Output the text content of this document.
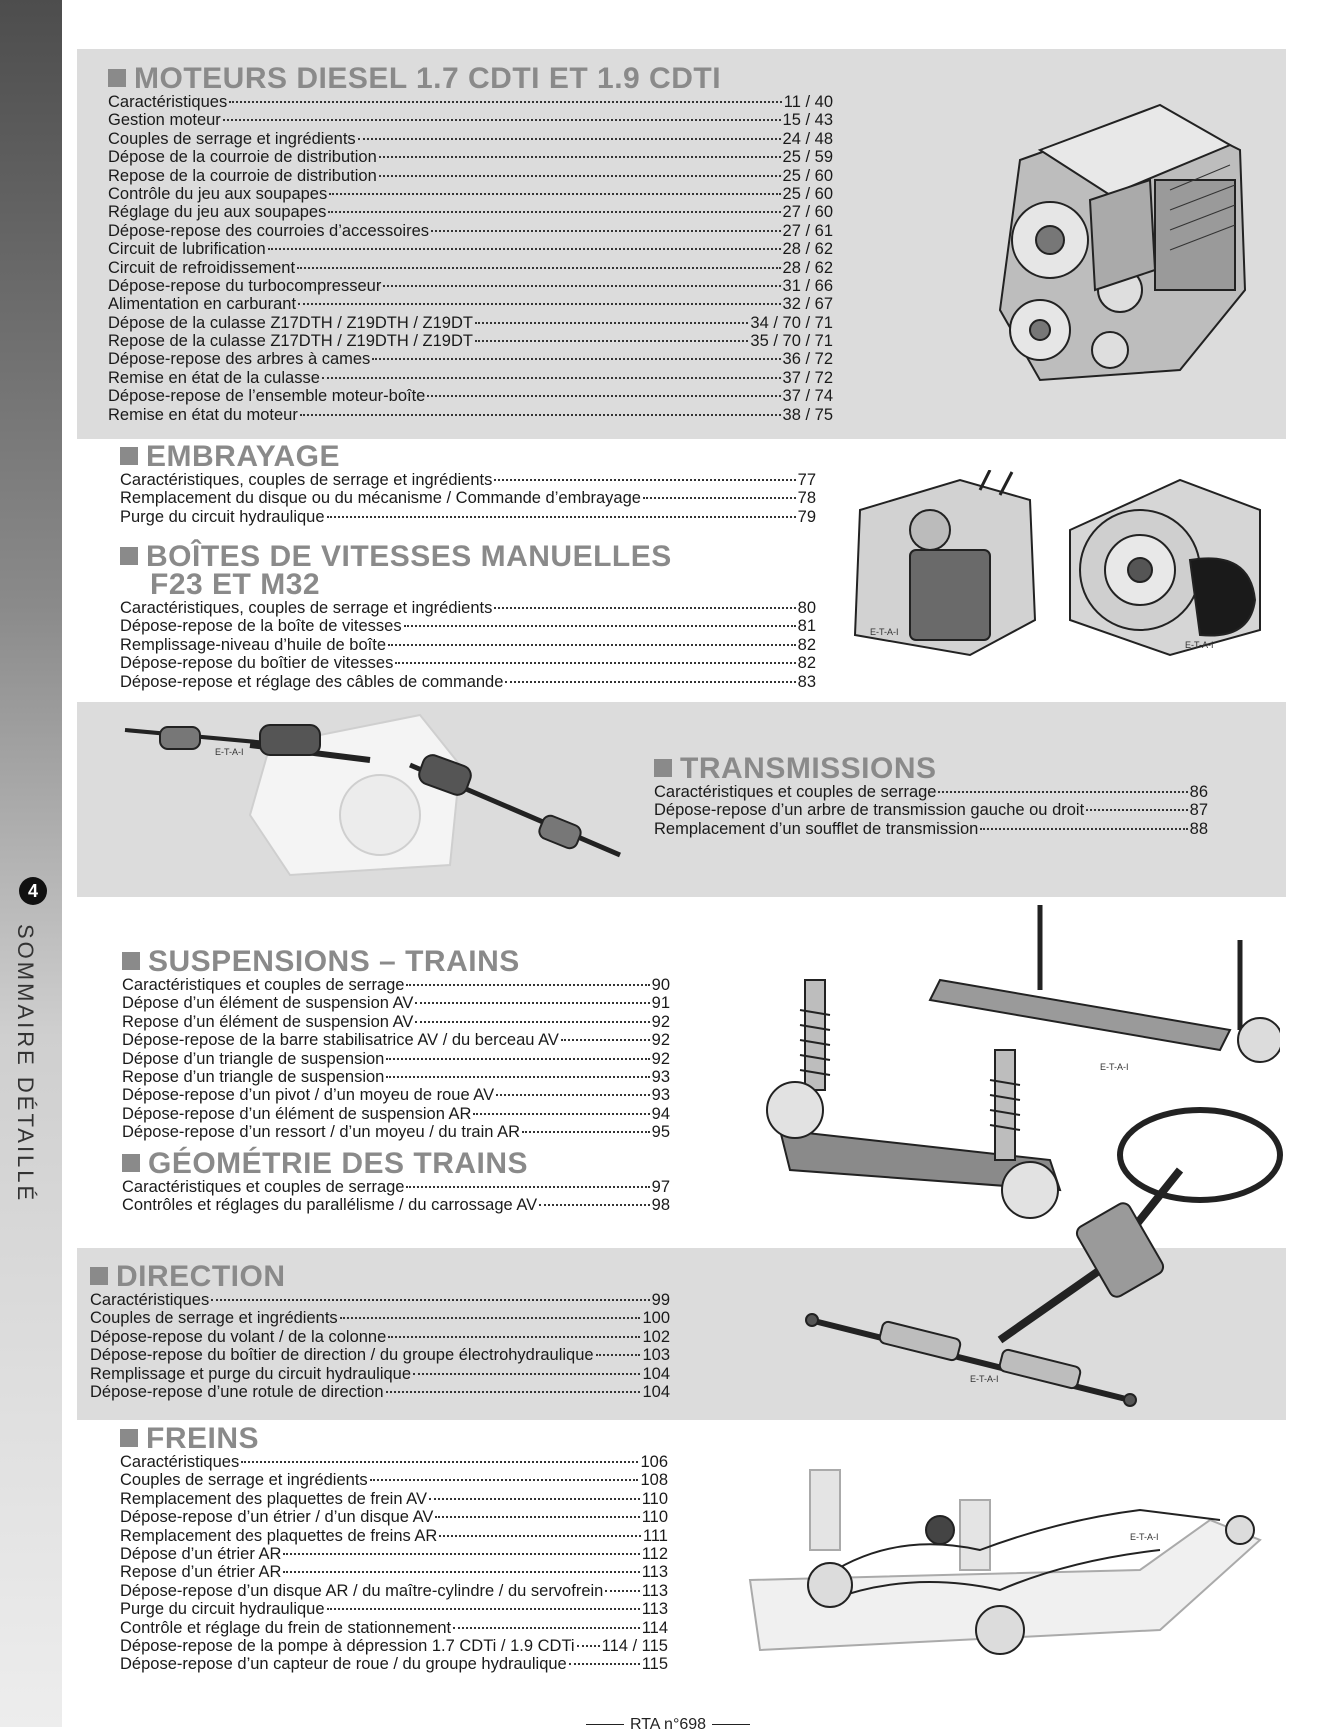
4
SOMMAIRE DÉTAILLÉ
MOTEURS DIESEL 1.7 CDTI ET 1.9 CDTI
Caractéristiques	11 / 40
Gestion moteur	15 / 43
Couples de serrage et ingrédients	24 / 48
Dépose de la courroie de distribution	25 / 59
Repose de la courroie de distribution	25 / 60
Contrôle du jeu aux soupapes	25 / 60
Réglage du jeu aux soupapes	27 / 60
Dépose-repose des courroies d’accessoires	27 / 61
Circuit de lubrification	28 / 62
Circuit de refroidissement	28 / 62
Dépose-repose du turbocompresseur	31 / 66
Alimentation en carburant	32 / 67
Dépose de la culasse Z17DTH / Z19DTH / Z19DT	34 / 70 / 71
Repose de la culasse Z17DTH / Z19DTH / Z19DT	35 / 70 / 71
Dépose-repose des arbres à cames	36 / 72
Remise en état de la culasse	37 / 72
Dépose-repose de l’ensemble moteur-boîte	37 / 74
Remise en état du moteur	38 / 75
EMBRAYAGE
Caractéristiques, couples de serrage et ingrédients	77
Remplacement du disque ou du mécanisme / Commande d’embrayage	78
Purge du circuit hydraulique	79
BOÎTES DE VITESSES MANUELLES
F23 ET M32
Caractéristiques, couples de serrage et ingrédients	80
Dépose-repose de la boîte de vitesses	81
Remplissage-niveau d’huile de boîte	82
Dépose-repose du boîtier de vitesses	82
Dépose-repose et réglage des câbles de commande	83
TRANSMISSIONS
Caractéristiques et couples de serrage	86
Dépose-repose d’un arbre de transmission gauche ou droit	87
Remplacement d’un soufflet de transmission	88
SUSPENSIONS – TRAINS
Caractéristiques et couples de serrage	90
Dépose d’un élément de suspension AV	91
Repose d’un élément de suspension AV	92
Dépose-repose de la barre stabilisatrice AV / du berceau AV	92
Dépose d’un triangle de suspension	92
Repose d’un triangle de suspension	93
Dépose-repose d’un pivot / d’un moyeu de roue AV	93
Dépose-repose d’un élément de suspension AR	94
Dépose-repose d’un ressort / d’un moyeu / du train AR	95
GÉOMÉTRIE DES TRAINS
Caractéristiques et couples de serrage	97
Contrôles et réglages du parallélisme / du carrossage AV	98
DIRECTION
Caractéristiques	99
Couples de serrage et ingrédients	100
Dépose-repose du volant / de la colonne	102
Dépose-repose du boîtier de direction / du groupe électrohydraulique	103
Remplissage et purge du circuit hydraulique	104
Dépose-repose d’une rotule de direction	104
FREINS
Caractéristiques	106
Couples de serrage et ingrédients	108
Remplacement des plaquettes de frein AV	110
Dépose-repose d’un étrier / d’un disque AV	110
Remplacement des plaquettes de freins AR	111
Dépose d’un étrier AR	112
Repose d’un étrier AR	113
Dépose-repose d’un disque AR / du maître-cylindre / du servofrein 113
Purge du circuit hydraulique	113
Contrôle et réglage du frein de stationnement	114
Dépose-repose de la pompe à dépression 1.7 CDTi / 1.9 CDTi 114 / 115
Dépose-repose d’un capteur de roue / du groupe hydraulique	115
E-T-A-I
E-T-A-I
E-T-A-I
E-T-A-I
E-T-A-I
E-T-A-I
RTA n°698
